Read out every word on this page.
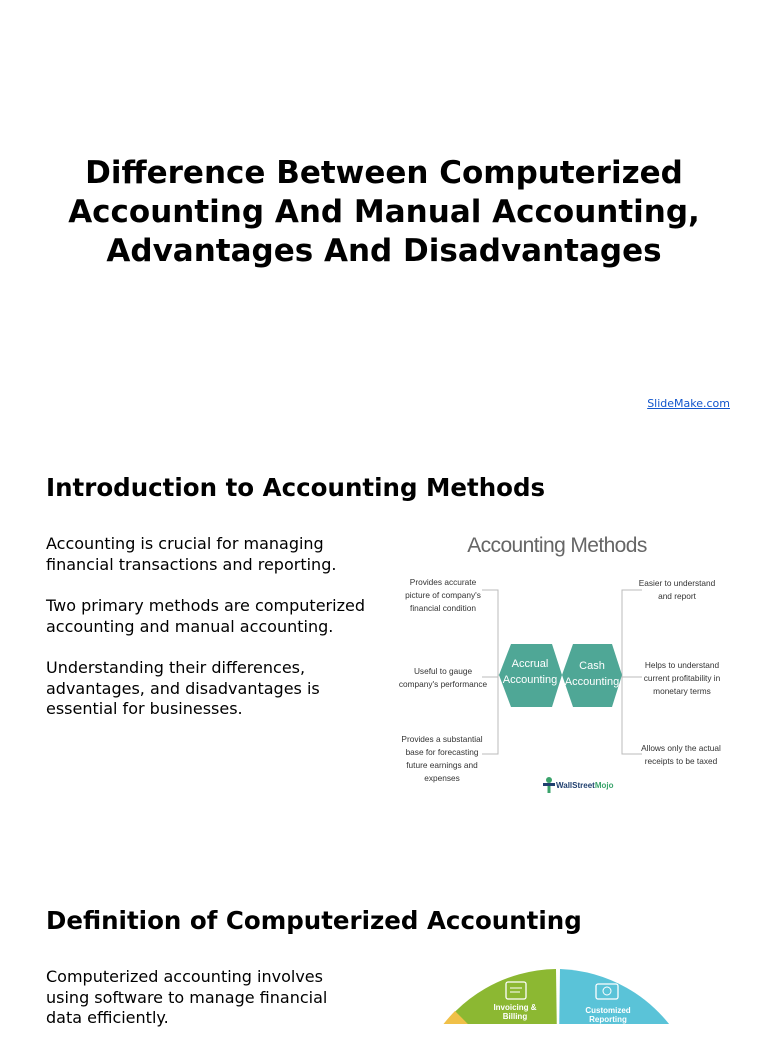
Difference Between Computerized Accounting And Manual Accounting, Advantages And Disadvantages
SlideMake.com
Introduction to Accounting Methods
Accounting is crucial for managing financial transactions and reporting.
Two primary methods are computerized accounting and manual accounting.
Understanding their differences, advantages, and disadvantages is essential for businesses.
Accounting Methods
Accrual Accounting
Cash Accounting
Provides accurate picture of company's financial condition
Useful to gauge company's performance
Provides a substantial base for forecasting future earnings and expenses
Easier to understand and report
Helps to understand current profitability in monetary terms
Allows only the actual receipts to be taxed
WallStreet Mojo
Definition of Computerized Accounting
Computerized accounting involves using software to manage financial data efficiently.
Invoicing & Billing
Customized Reporting
